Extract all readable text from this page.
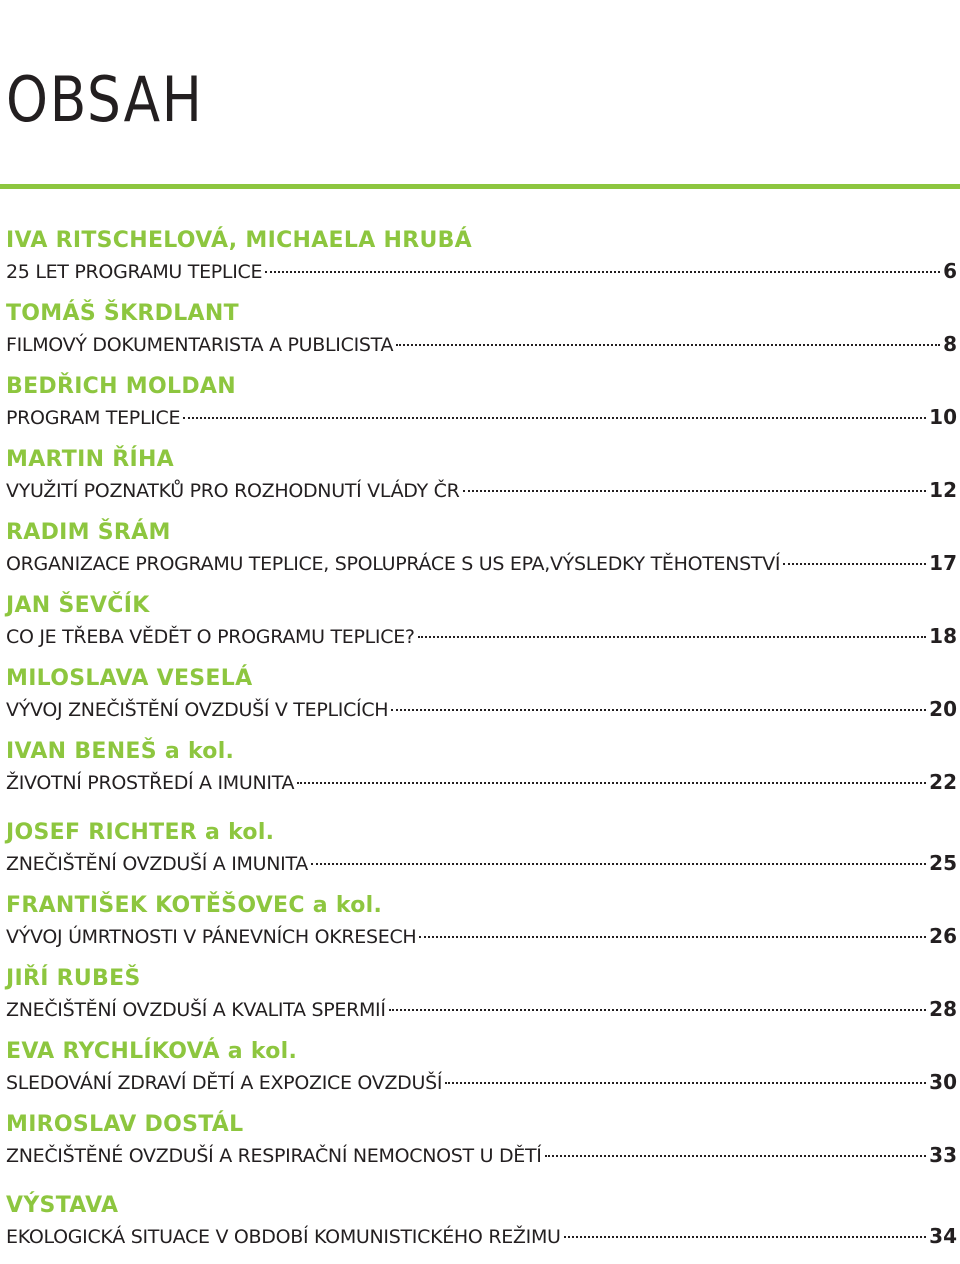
OBSAH
IVA RITSCHELOVÁ, MICHAELA HRUBÁ
25 LET PROGRAMU TEPLICE	6
TOMÁŠ ŠKRDLANT
FILMOVÝ DOKUMENTARISTA A PUBLICISTA	8
BEDŘICH MOLDAN
PROGRAM TEPLICE	10
MARTIN ŘÍHA
VYUŽITÍ POZNATKŮ PRO ROZHODNUTÍ VLÁDY ČR	12
RADIM ŠRÁM
ORGANIZACE PROGRAMU TEPLICE, SPOLUPRÁCE S US EPA,VÝSLEDKY TĚHOTENSTVÍ	17
JAN ŠEVČÍK
CO JE TŘEBA VĚDĚT O PROGRAMU TEPLICE?	18
MILOSLAVA VESELÁ
VÝVOJ ZNEČIŠTĚNÍ OVZDUŠÍ V TEPLICÍCH	20
IVAN BENEŠ a kol.
ŽIVOTNÍ PROSTŘEDÍ A IMUNITA	22
JOSEF RICHTER a kol.
ZNEČIŠTĚNÍ OVZDUŠÍ A IMUNITA	25
FRANTIŠEK KOTĚŠOVEC a kol.
VÝVOJ ÚMRTNOSTI V PÁNEVNÍCH OKRESECH	26
JIŘÍ RUBEŠ
ZNEČIŠTĚNÍ OVZDUŠÍ A KVALITA SPERMIÍ	28
EVA RYCHLÍKOVÁ a kol.
SLEDOVÁNÍ ZDRAVÍ DĚTÍ A EXPOZICE OVZDUŠÍ	30
MIROSLAV DOSTÁL
ZNEČIŠTĚNÉ OVZDUŠÍ A RESPIRAČNÍ NEMOCNOST U DĚTÍ	33
VÝSTAVA
EKOLOGICKÁ SITUACE V OBDOBÍ KOMUNISTICKÉHO REŽIMU	34
